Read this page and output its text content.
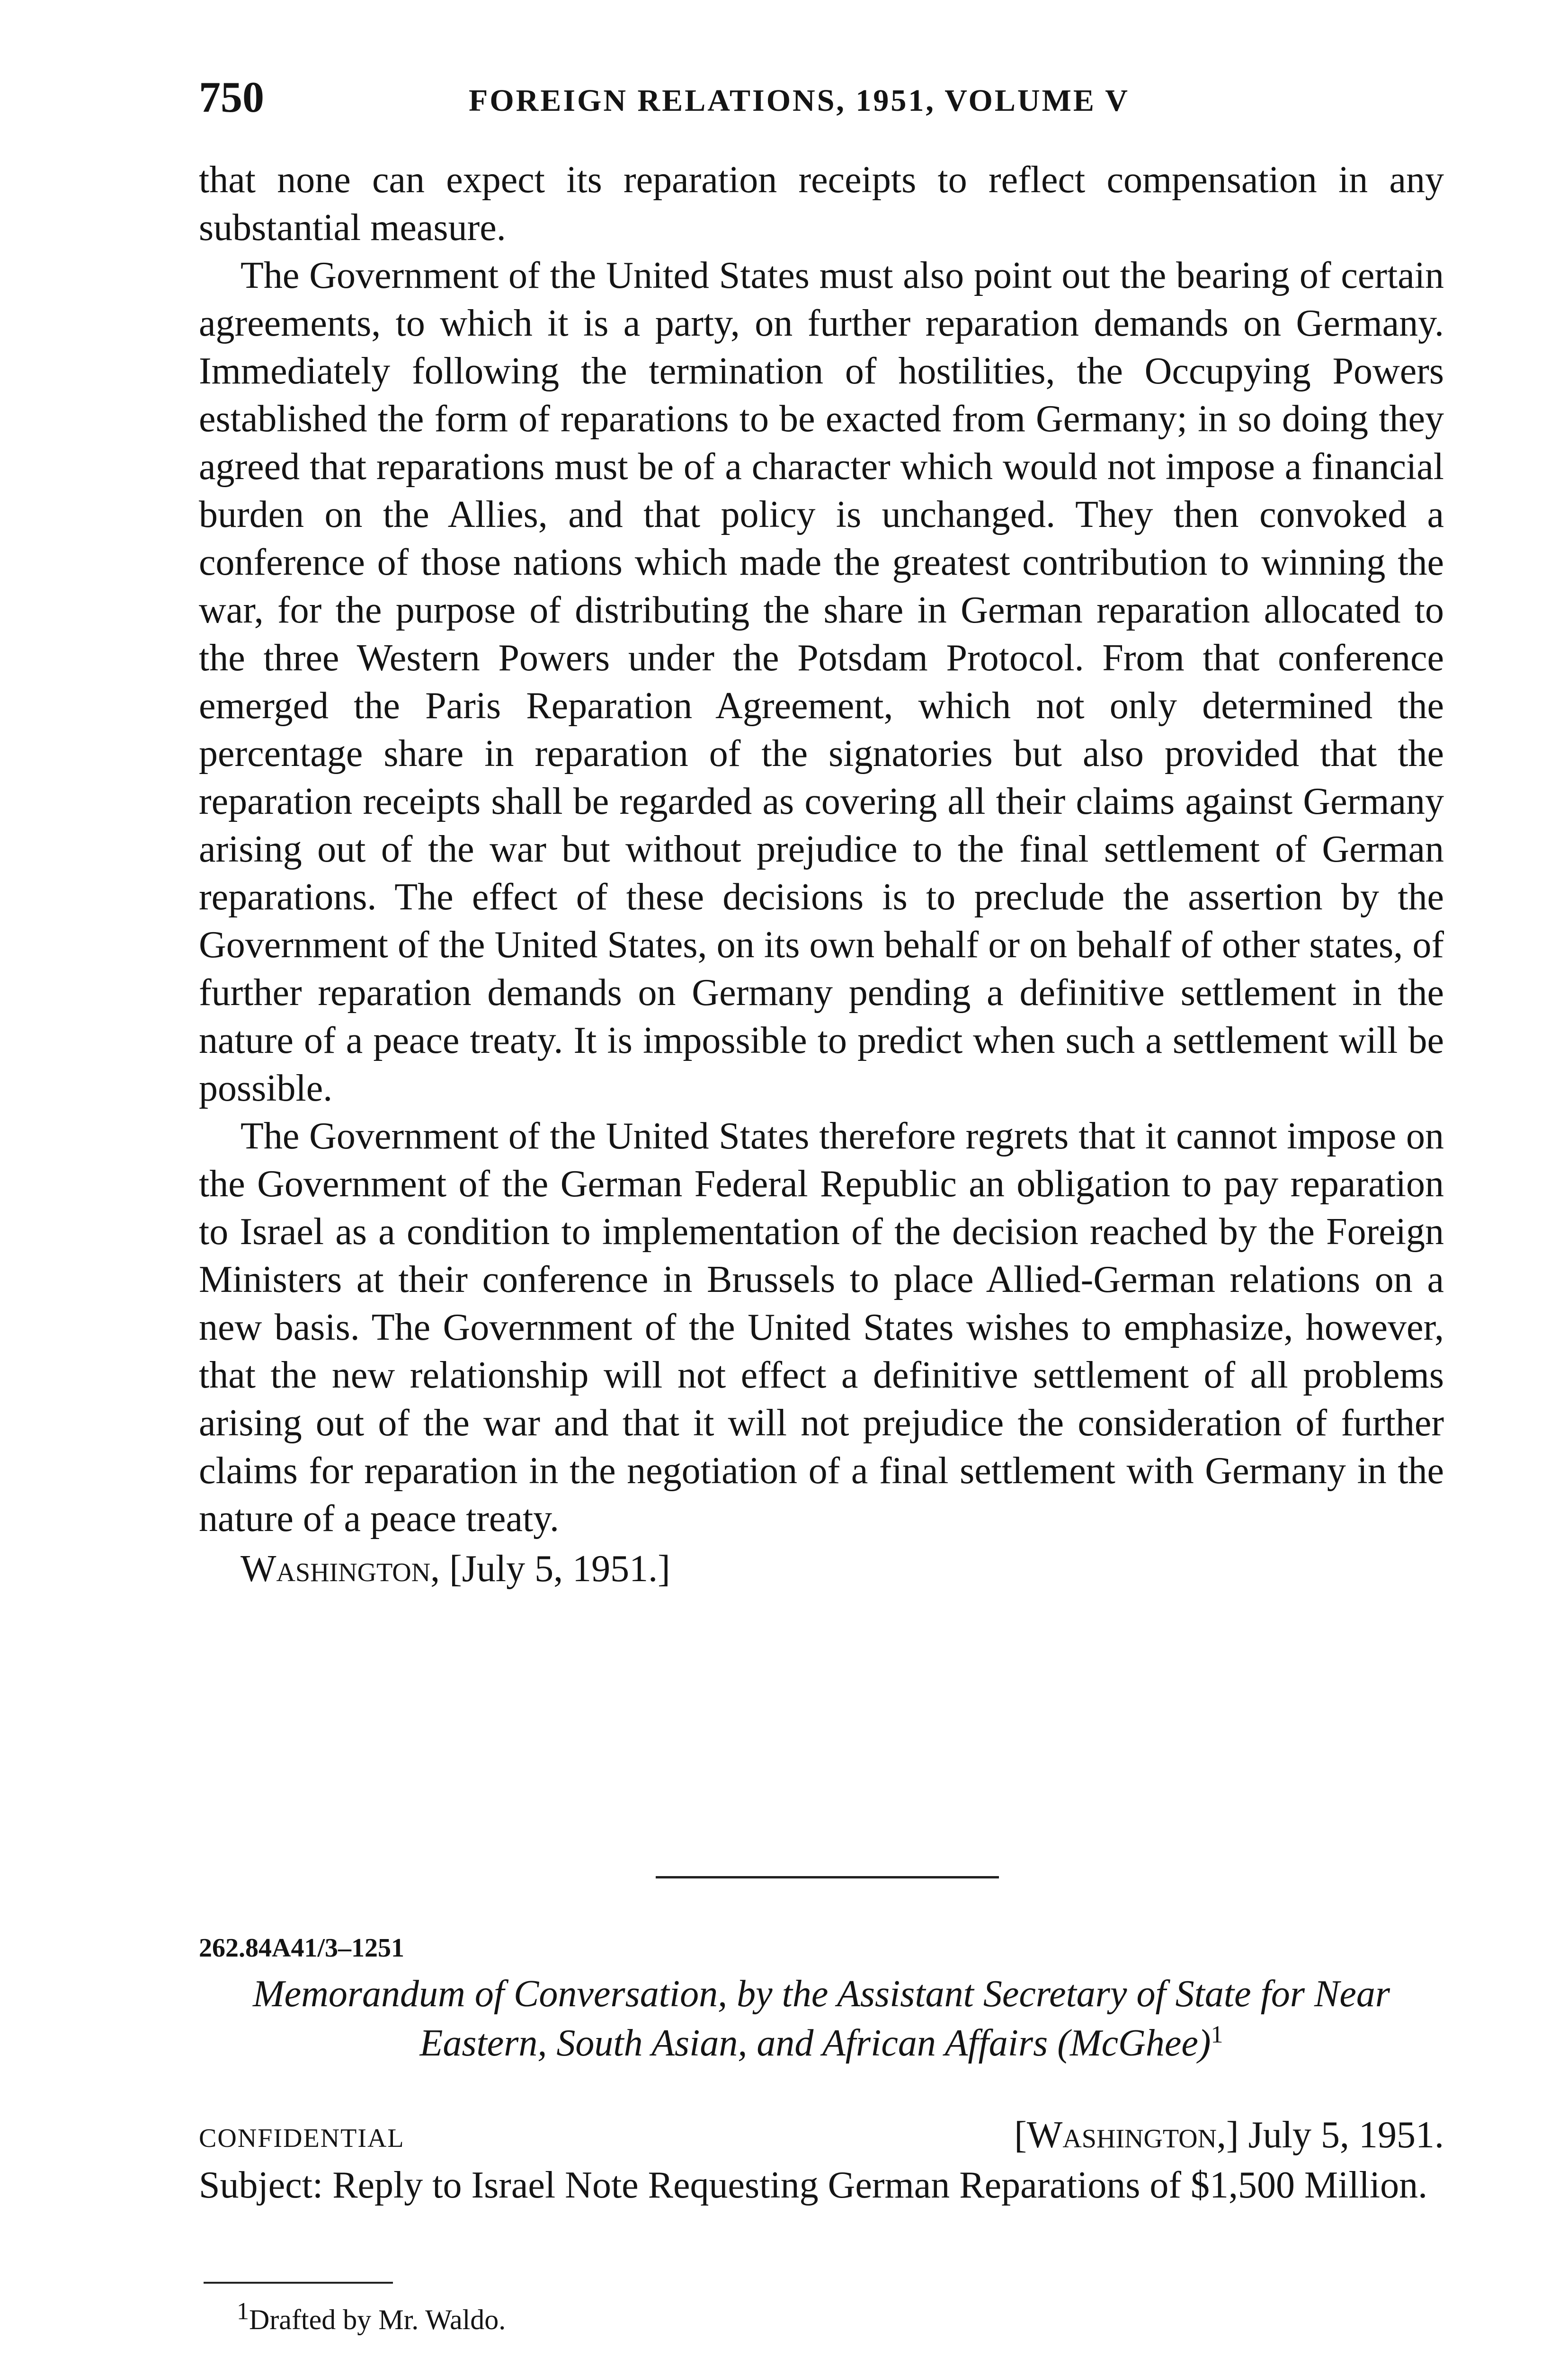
750	FOREIGN RELATIONS, 1951, VOLUME V

that none can expect its reparation receipts to reflect compensation in any substantial measure.

The Government of the United States must also point out the bearing of certain agreements, to which it is a party, on further reparation demands on Germany. Immediately following the termination of hostilities, the Occupying Powers established the form of reparations to be exacted from Germany; in so doing they agreed that reparations must be of a character which would not impose a financial burden on the Allies, and that policy is unchanged. They then convoked a conference of those nations which made the greatest contribution to winning the war, for the purpose of distributing the share in German reparation allocated to the three Western Powers under the Potsdam Protocol. From that conference emerged the Paris Reparation Agreement, which not only determined the percentage share in reparation of the signatories but also provided that the reparation receipts shall be regarded as covering all their claims against Germany arising out of the war but without prejudice to the final settlement of German reparations. The effect of these decisions is to preclude the assertion by the Government of the United States, on its own behalf or on behalf of other states, of further reparation demands on Germany pending a definitive settlement in the nature of a peace treaty. It is impossible to predict when such a settlement will be possible.

The Government of the United States therefore regrets that it cannot impose on the Government of the German Federal Republic an obligation to pay reparation to Israel as a condition to implementation of the decision reached by the Foreign Ministers at their conference in Brussels to place Allied-German relations on a new basis. The Government of the United States wishes to emphasize, however, that the new relationship will not effect a definitive settlement of all problems arising out of the war and that it will not prejudice the consideration of further claims for reparation in the negotiation of a final settlement with Germany in the nature of a peace treaty.

Washington, [July 5, 1951.]

262.84A41/3–1251
Memorandum of Conversation, by the Assistant Secretary of State for Near Eastern, South Asian, and African Affairs (McGhee)$^1$
CONFIDENTIAL	[Washington,] July 5, 1951.
Subject: Reply to Israel Note Requesting German Reparations of $1,500 Million.
$^1$Drafted by Mr. Waldo.
